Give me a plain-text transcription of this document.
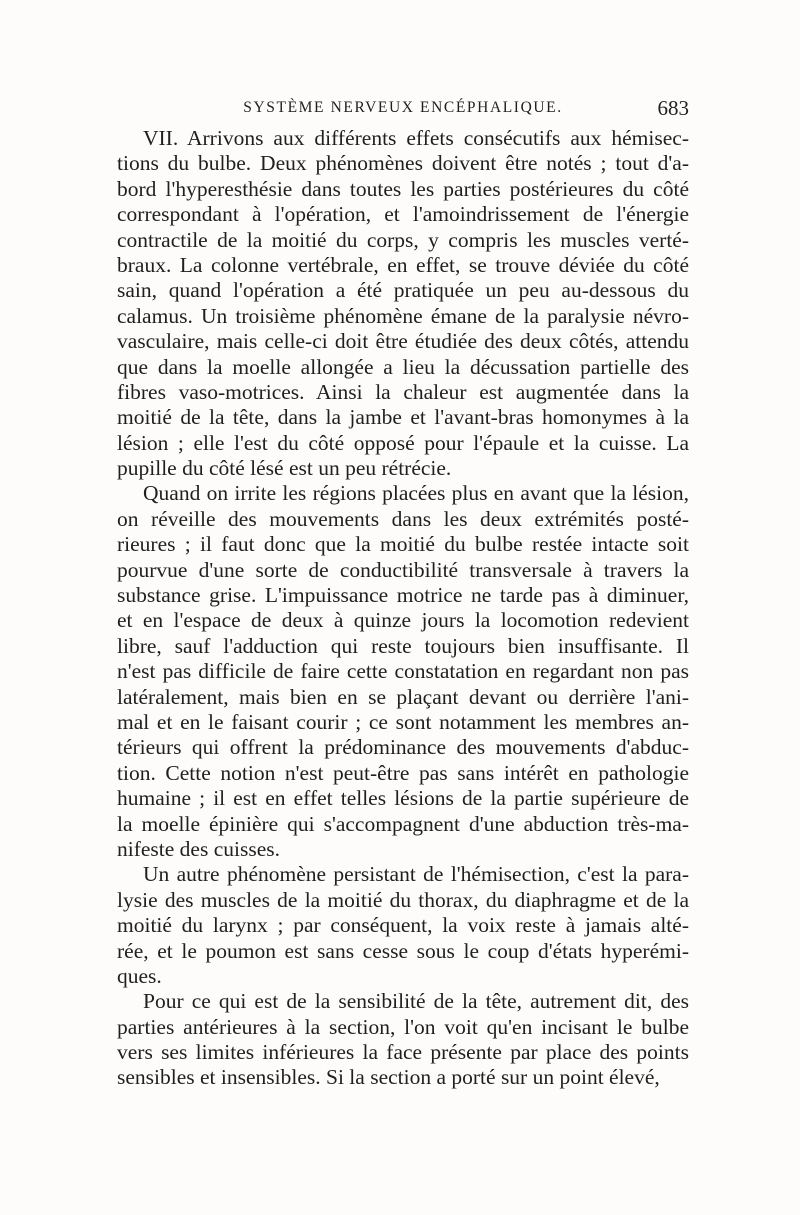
SYSTÈME NERVEUX ENCÉPHALIQUE.	683
VII. Arrivons aux différents effets consécutifs aux hémisec-
tions du bulbe. Deux phénomènes doivent être notés ; tout d'a-
bord l'hyperesthésie dans toutes les parties postérieures du côté
correspondant à l'opération, et l'amoindrissement de l'énergie
contractile de la moitié du corps, y compris les muscles verté-
braux. La colonne vertébrale, en effet, se trouve déviée du côté
sain, quand l'opération a été pratiquée un peu au-dessous du
calamus. Un troisième phénomène émane de la paralysie névro-
vasculaire, mais celle-ci doit être étudiée des deux côtés, attendu
que dans la moelle allongée a lieu la décussation partielle des
fibres vaso-motrices. Ainsi la chaleur est augmentée dans la
moitié de la tête, dans la jambe et l'avant-bras homonymes à la
lésion ; elle l'est du côté opposé pour l'épaule et la cuisse. La
pupille du côté lésé est un peu rétrécie.
Quand on irrite les régions placées plus en avant que la lésion,
on réveille des mouvements dans les deux extrémités posté-
rieures ; il faut donc que la moitié du bulbe restée intacte soit
pourvue d'une sorte de conductibilité transversale à travers la
substance grise. L'impuissance motrice ne tarde pas à diminuer,
et en l'espace de deux à quinze jours la locomotion redevient
libre, sauf l'adduction qui reste toujours bien insuffisante. Il
n'est pas difficile de faire cette constatation en regardant non pas
latéralement, mais bien en se plaçant devant ou derrière l'ani-
mal et en le faisant courir ; ce sont notamment les membres an-
térieurs qui offrent la prédominance des mouvements d'abduc-
tion. Cette notion n'est peut-être pas sans intérêt en pathologie
humaine ; il est en effet telles lésions de la partie supérieure de
la moelle épinière qui s'accompagnent d'une abduction très-ma-
nifeste des cuisses.
Un autre phénomène persistant de l'hémisection, c'est la para-
lysie des muscles de la moitié du thorax, du diaphragme et de la
moitié du larynx ; par conséquent, la voix reste à jamais alté-
rée, et le poumon est sans cesse sous le coup d'états hyperémi-
ques.
Pour ce qui est de la sensibilité de la tête, autrement dit, des
parties antérieures à la section, l'on voit qu'en incisant le bulbe
vers ses limites inférieures la face présente par place des points
sensibles et insensibles. Si la section a porté sur un point élevé,
